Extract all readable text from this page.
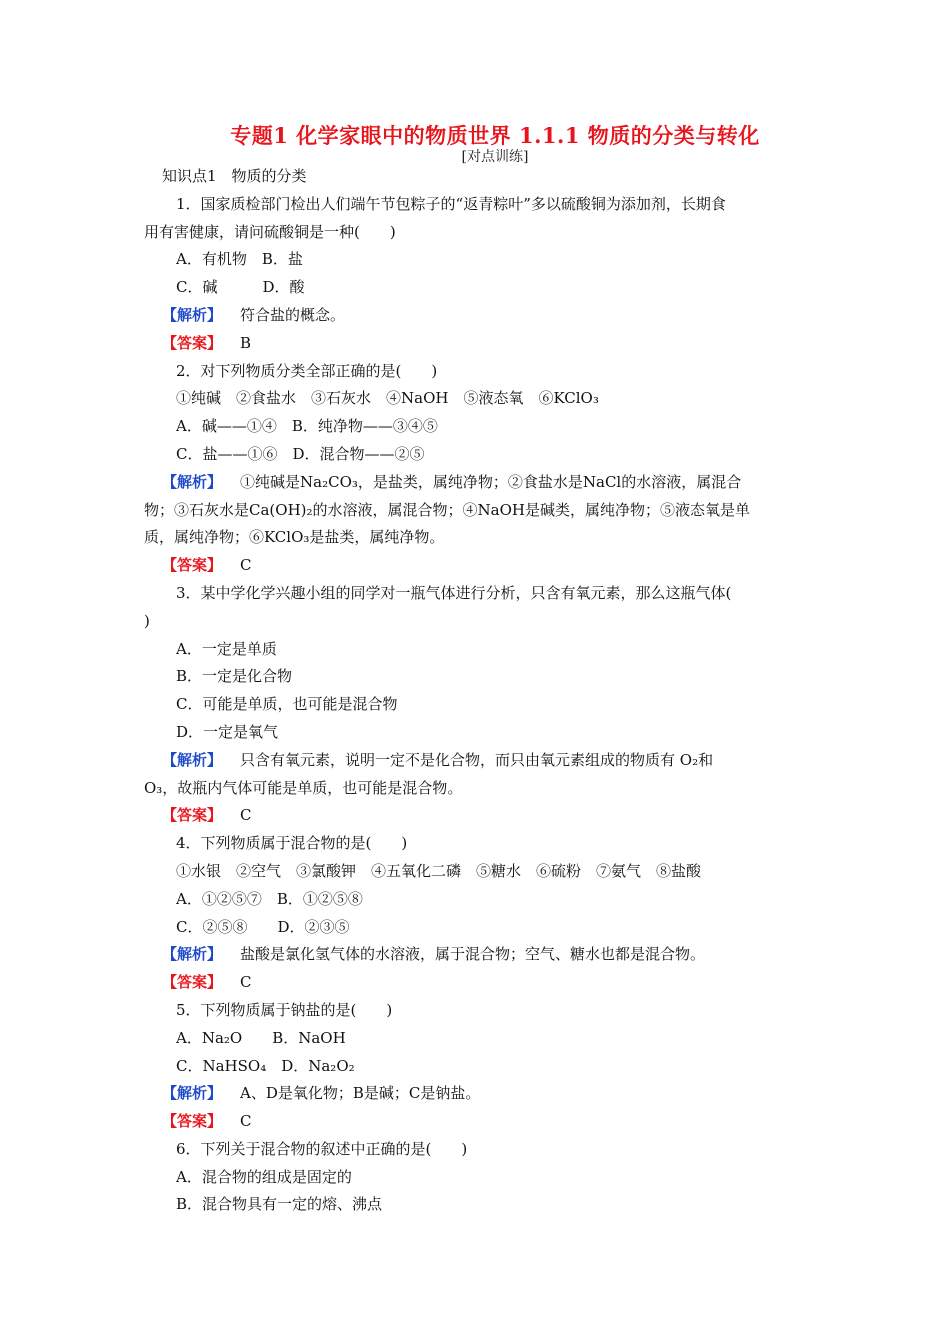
专题1 化学家眼中的物质世界 1.1.1 物质的分类与转化
[对点训练]
知识点1　物质的分类
1．国家质检部门检出人们端午节包粽子的“返青粽叶”多以硫酸铜为添加剂，长期食
用有害健康，请问硫酸铜是一种(　　)
A．有机物　B．盐
C．碱　　　D．酸
【解析】 符合盐的概念。
【答案】 B
2．对下列物质分类全部正确的是(　　)
①纯碱　②食盐水　③石灰水　④NaOH　⑤液态氧　⑥KClO₃
A．碱——①④　B．纯净物——③④⑤
C．盐——①⑥　D．混合物——②⑤
【解析】 ①纯碱是Na₂CO₃，是盐类，属纯净物；②食盐水是NaCl的水溶液，属混合
物；③石灰水是Ca(OH)₂的水溶液，属混合物；④NaOH是碱类，属纯净物；⑤液态氧是单
质，属纯净物；⑥KClO₃是盐类，属纯净物。
【答案】 C
3．某中学化学兴趣小组的同学对一瓶气体进行分析，只含有氧元素，那么这瓶气体(
)
A．一定是单质
B．一定是化合物
C．可能是单质，也可能是混合物
D．一定是氧气
【解析】 只含有氧元素，说明一定不是化合物，而只由氧元素组成的物质有 O₂和
O₃，故瓶内气体可能是单质，也可能是混合物。
【答案】 C
4．下列物质属于混合物的是(　　)
①水银　②空气　③氯酸钾　④五氧化二磷　⑤糖水　⑥硫粉　⑦氨气　⑧盐酸
A．①②⑤⑦　B．①②⑤⑧
C．②⑤⑧　　D．②③⑤
【解析】 盐酸是氯化氢气体的水溶液，属于混合物；空气、糖水也都是混合物。
【答案】 C
5．下列物质属于钠盐的是(　　)
A．Na₂O　　B．NaOH
C．NaHSO₄　D．Na₂O₂
【解析】 A、D是氧化物；B是碱；C是钠盐。
【答案】 C
6．下列关于混合物的叙述中正确的是(　　)
A．混合物的组成是固定的
B．混合物具有一定的熔、沸点
